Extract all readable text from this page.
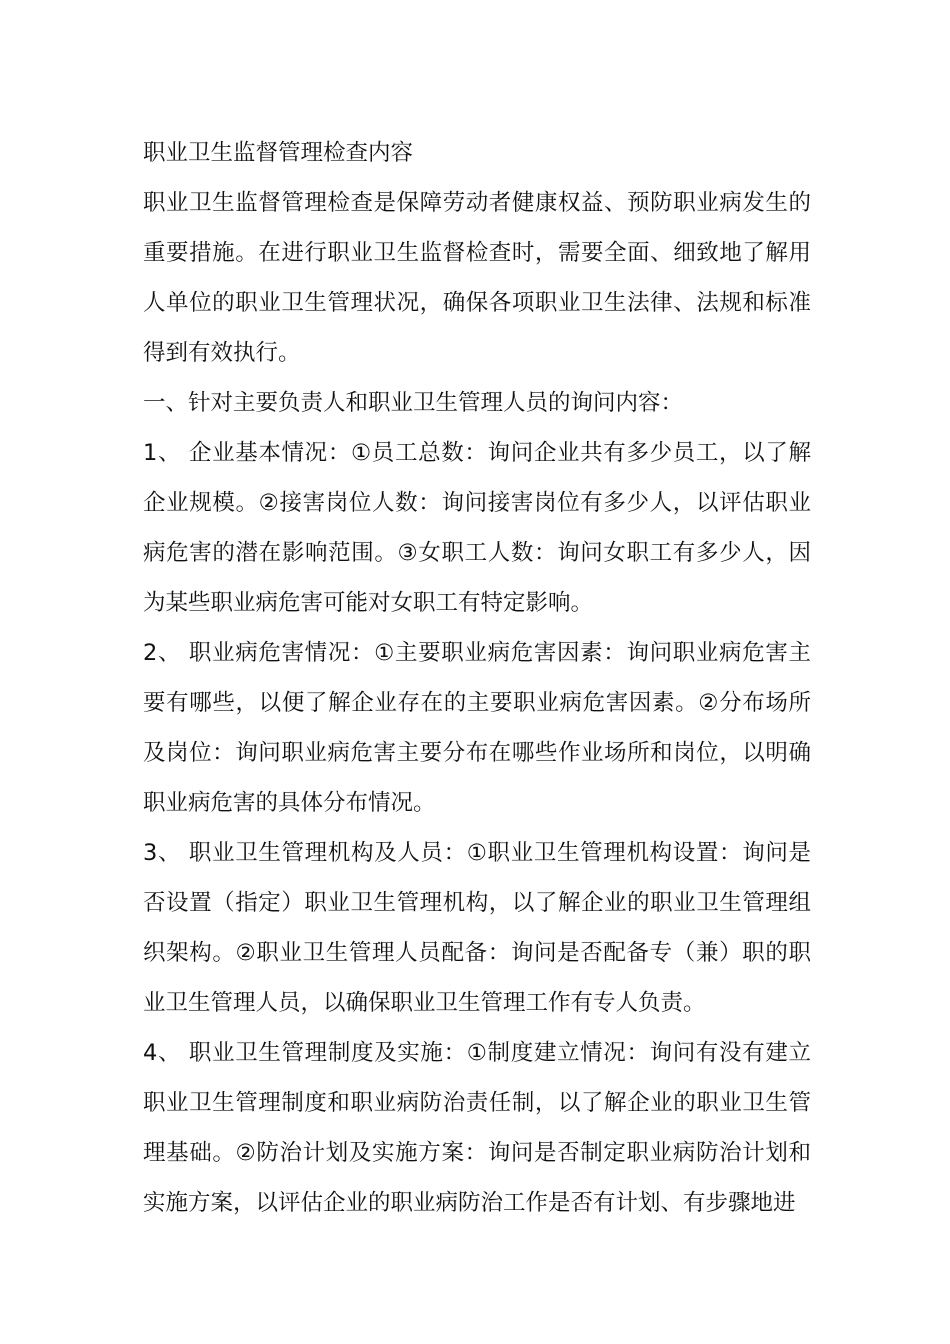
职业卫生监督管理检查内容

职业卫生监督管理检查是保障劳动者健康权益、预防职业病发生的重要措施。在进行职业卫生监督检查时，需要全面、细致地了解用人单位的职业卫生管理状况，确保各项职业卫生法律、法规和标准得到有效执行。

一、针对主要负责人和职业卫生管理人员的询问内容：

1、 企业基本情况：①员工总数：询问企业共有多少员工，以了解企业规模。②接害岗位人数：询问接害岗位有多少人，以评估职业病危害的潜在影响范围。③女职工人数：询问女职工有多少人，因为某些职业病危害可能对女职工有特定影响。

2、 职业病危害情况：①主要职业病危害因素：询问职业病危害主要有哪些，以便了解企业存在的主要职业病危害因素。②分布场所及岗位：询问职业病危害主要分布在哪些作业场所和岗位，以明确职业病危害的具体分布情况。

3、 职业卫生管理机构及人员：①职业卫生管理机构设置：询问是否设置（指定）职业卫生管理机构，以了解企业的职业卫生管理组织架构。②职业卫生管理人员配备：询问是否配备专（兼）职的职业卫生管理人员，以确保职业卫生管理工作有专人负责。

4、 职业卫生管理制度及实施：①制度建立情况：询问有没有建立职业卫生管理制度和职业病防治责任制，以了解企业的职业卫生管理基础。②防治计划及实施方案：询问是否制定职业病防治计划和实施方案，以评估企业的职业病防治工作是否有计划、有步骤地进
